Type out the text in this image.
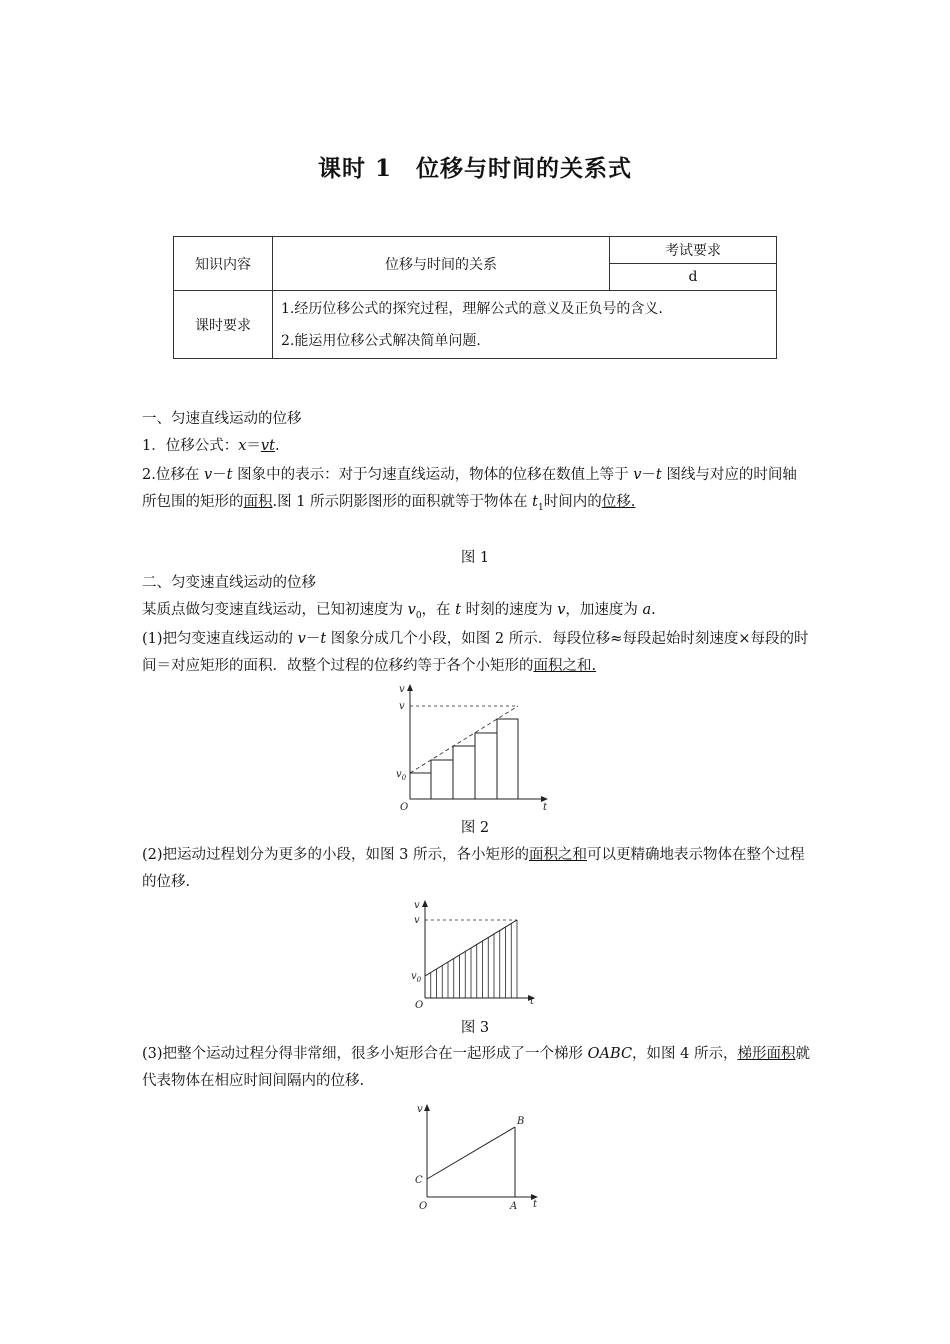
课时 1　位移与时间的关系式
知识内容	位移与时间的关系	考试要求
		d
课时要求	1.经历位移公式的探究过程，理解公式的意义及正负号的含义.
2.能运用位移公式解决简单问题.	

一、匀速直线运动的位移

1．位移公式：x＝vt.

2.位移在 v－t 图象中的表示：对于匀速直线运动，物体的位移在数值上等于 v－t 图线与对应的时间轴所包围的矩形的面积.图 1 所示阴影图形的面积就等于物体在 $t_1$时间内的位移.

图 1

二、匀变速直线运动的位移

某质点做匀变速直线运动，已知初速度为 $v_0$，在 t 时刻的速度为 v，加速度为 a.

(1)把匀变速直线运动的 v－t 图象分成几个小段，如图 2 所示．每段位移≈每段起始时刻速度×每段的时间＝对应矩形的面积．故整个过程的位移约等于各个小矩形的面积之和.

v
v
$v_0$
O	t

图 2

(2)把运动过程划分为更多的小段，如图 3 所示，各小矩形的面积之和可以更精确地表示物体在整个过程的位移.

v
v
$v_0$
O	t

图 3

(3)把整个运动过程分得非常细，很多小矩形合在一起形成了一个梯形 OABC，如图 4 所示，梯形面积就代表物体在相应时间间隔内的位移.

v
B
C
O	A t
